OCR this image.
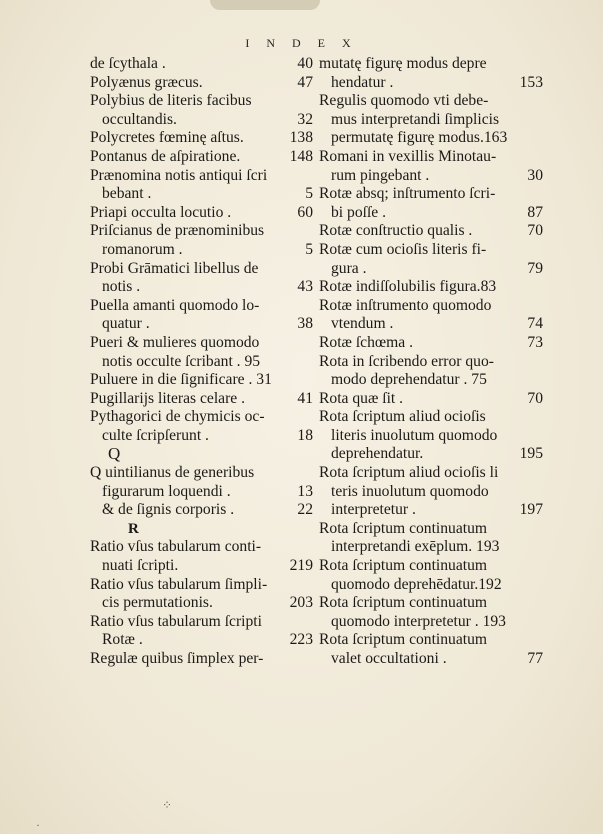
I N D E X
de ſcythala .	40
Polyænus græcus.	47
Polybius de literis facibus
occultandis.	32
Polycretes fœminę aſtus.	138
Pontanus de aſpiratione.	148
Prænomina notis antiqui ſcri
bebant .	5
Priapi occulta locutio .	60
Priſcianus de prænominibus
romanorum .	5
Probi Grāmatici libellus de
notis .	43
Puella amanti quomodo lo-
quatur .	38
Pueri & mulieres quomodo
notis occulte ſcribant . 95
Puluere in die ſignificare . 31
Pugillarijs literas celare .	41
Pythagorici de chymicis oc-
culte ſcripſerunt .	18
Q
Q uintilianus de generibus
figurarum loquendi .	13
& de ſignis corporis .	22
R
Ratio vſus tabularum conti-
nuati ſcripti.	219
Ratio vſus tabularum ſimpli-
cis permutationis.	203
Ratio vſus tabularum ſcripti
Rotæ .	223
Regulæ quibus ſimplex per-
mutatę figurę modus depre
hendatur .	153
Regulis quomodo vti debe-
mus interpretandi ſimplicis
permutatę figurę modus.163
Romani in vexillis Minotau-
rum pingebant .	30
Rotæ absq; inſtrumento ſcri-
bi poſſe .	87
Rotæ conſtructio qualis .	70
Rotæ cum ocioſis literis fi-
gura .	79
Rotæ indiſſolubilis figura.83
Rotæ inſtrumento quomodo
vtendum .	74
Rotæ ſchœma .	73
Rota in ſcribendo error quo-
modo deprehendatur . 75
Rota quæ ſit .	70
Rota ſcriptum aliud ocioſis
literis inuolutum quomodo
deprehendatur.	195
Rota ſcriptum aliud ocioſis li
teris inuolutum quomodo
interpretetur .	197
Rota ſcriptum continuatum
interpretandi exēplum. 193
Rota ſcriptum continuatum
quomodo deprehēdatur.192
Rota ſcriptum continuatum
quomodo interpretetur . 193
Rota ſcriptum continuatum
valet occultationi .	77
⁘
·
